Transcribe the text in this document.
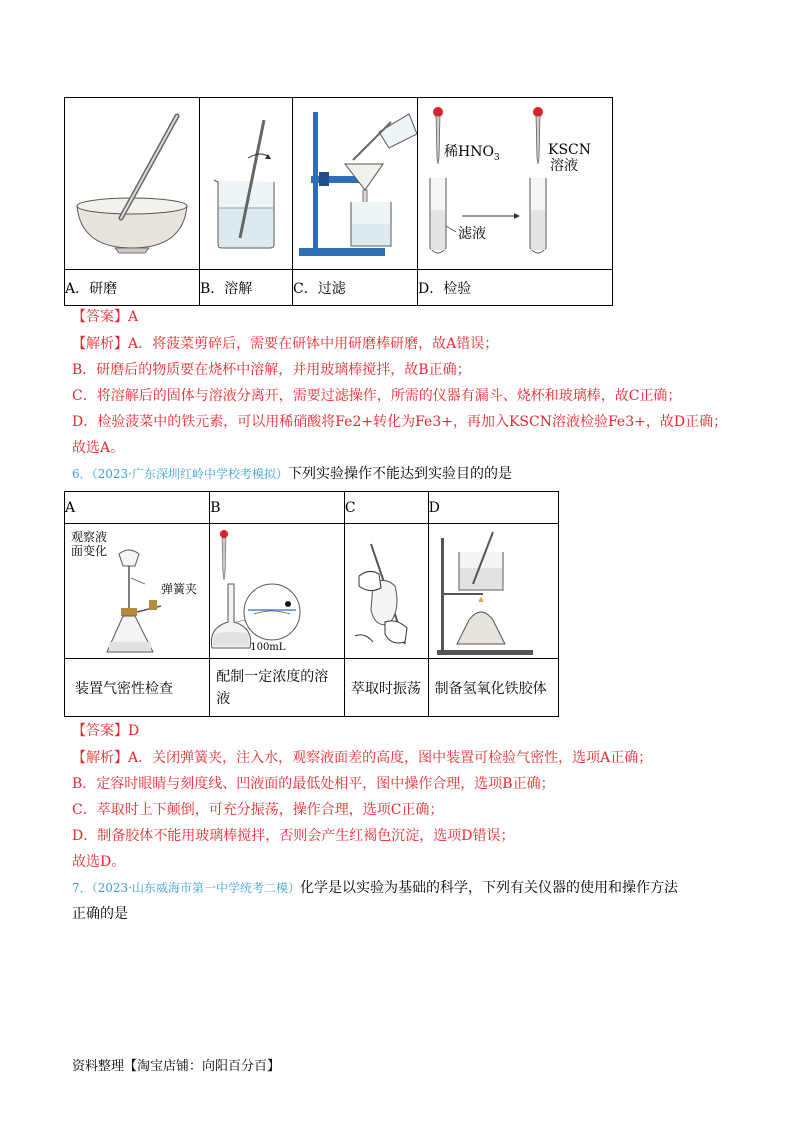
稀$HNO_3$ KSCN
溶液
滤液

A．研磨	B．溶解	C．过滤	D．检验
【答案】A
【解析】A．将菠菜剪碎后，需要在研钵中用研磨棒研磨，故A错误；
B．研磨后的物质要在烧杯中溶解，并用玻璃棒搅拌，故B正确；
C．将溶解后的固体与溶液分离开，需要过滤操作，所需的仪器有漏斗、烧杯和玻璃棒，故C正确；
D．检验菠菜中的铁元素，可以用稀硝酸将Fe2+转化为Fe3+，再加入KSCN溶液检验Fe3+，故D正确；
故选A。
6．（2023·广东深圳红岭中学校考模拟）下列实验操作不能达到实验目的的是
A	B	C	D

观察液
面变化
弹簧夹	100mL

装置气密性检查	配制一定浓度的溶
液	萃取时振荡	制备氢氧化铁胶体
【答案】D
【解析】A．关闭弹簧夹，注入水，观察液面差的高度，图中装置可检验气密性，选项A正确；
B．定容时眼睛与刻度线、凹液面的最低处相平，图中操作合理，选项B正确；
C．萃取时上下颠倒，可充分振荡，操作合理，选项C正确；
D．制备胶体不能用玻璃棒搅拌，否则会产生红褐色沉淀，选项D错误；
故选D。
7．（2023·山东威海市第一中学统考二模）化学是以实验为基础的科学，下列有关仪器的使用和操作方法
正确的是
资料整理【淘宝店铺：向阳百分百】
